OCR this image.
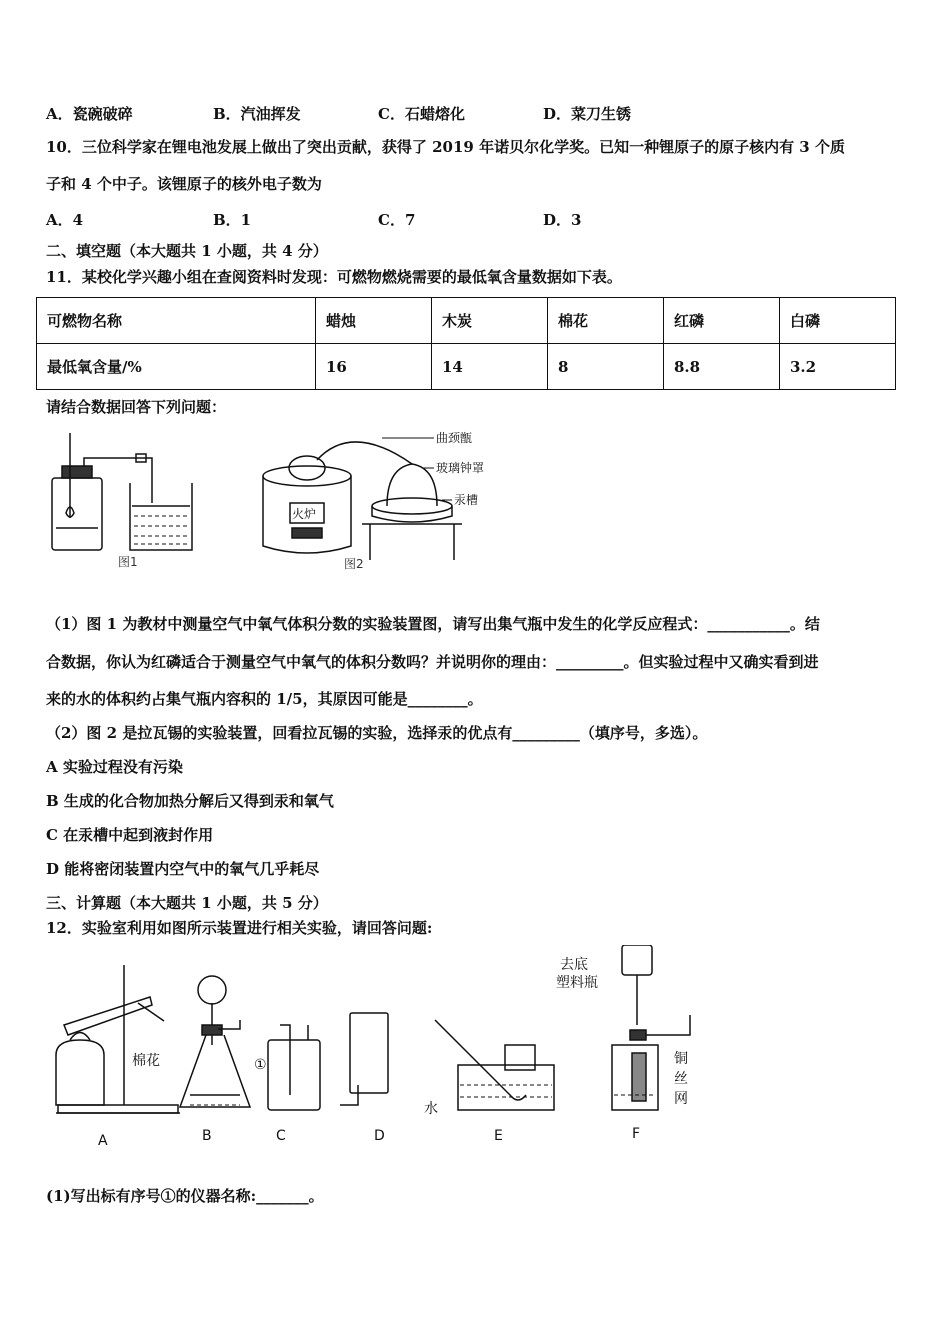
A．瓷碗破碎	B．汽油挥发	C．石蜡熔化	D．菜刀生锈
10．三位科学家在锂电池发展上做出了突出贡献，获得了 2019 年诺贝尔化学奖。已知一种锂原子的原子核内有 3 个质
子和 4 个中子。该锂原子的核外电子数为
A．4	B．1	C．7	D．3
二、填空题（本大题共 1 小题，共 4 分）
11．某校化学兴趣小组在查阅资料时发现：可燃物燃烧需要的最低氧含量数据如下表。
可燃物名称	蜡烛	木炭	棉花	红磷	白磷
最低氧含量/%	16	14	8	8.8	3.2
请结合数据回答下列问题：
图1
火炉
曲颈甑
玻璃钟罩
汞槽
图2
（1）图 1 为教材中测量空气中氧气体积分数的实验装置图，请写出集气瓶中发生的化学反应程式：___________。结
合数据，你认为红磷适合于测量空气中氧气的体积分数吗？并说明你的理由：_________。但实验过程中又确实看到进
来的水的体积约占集气瓶内容积的 1/5，其原因可能是________。
（2）图 2 是拉瓦锡的实验装置，回看拉瓦锡的实验，选择汞的优点有_________（填序号，多选）。
A 实验过程没有污染
B 生成的化合物加热分解后又得到汞和氧气
C 在汞槽中起到液封作用
D 能将密闭装置内空气中的氧气几乎耗尽
三、计算题（本大题共 1 小题，共 5 分）
12．实验室利用如图所示装置进行相关实验，请回答问题:
棉花	①
水
去底
塑料瓶
铜
丝
网
A	B	C	D	E	F
(1)写出标有序号①的仪器名称:_______。
